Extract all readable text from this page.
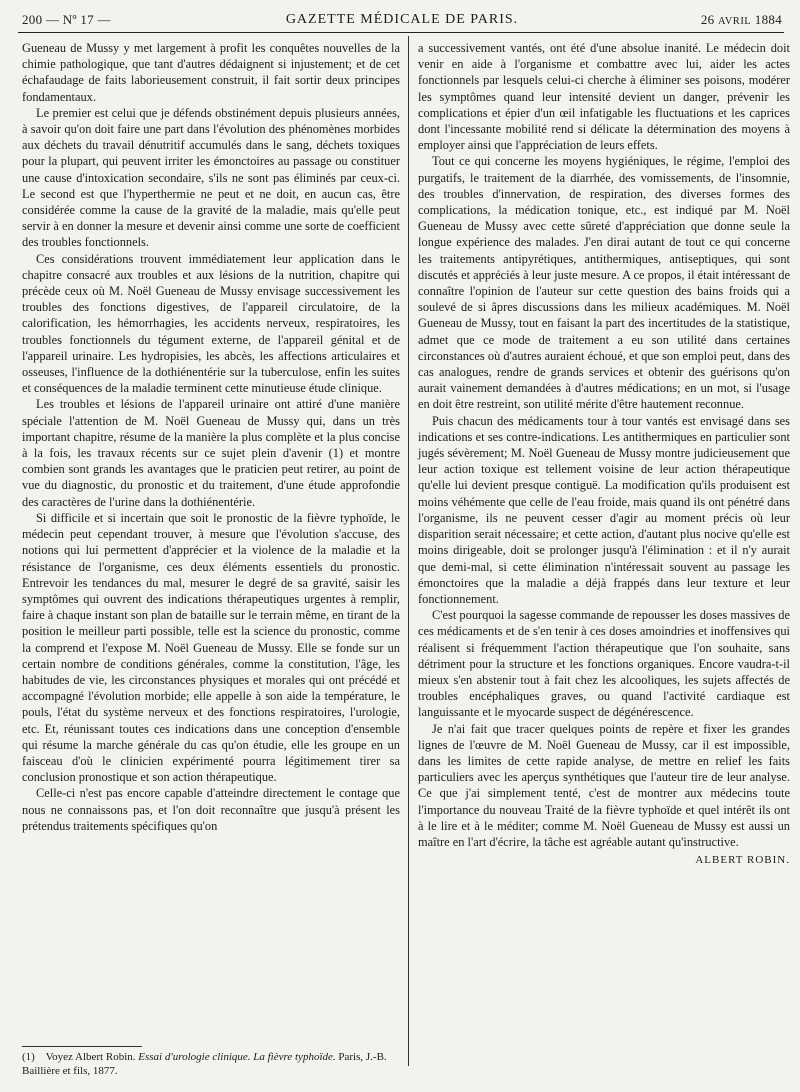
200 — Nº 17 —	GAZETTE MÉDICALE DE PARIS.	26 AVRIL 1884

Gueneau de Mussy y met largement à profit les conquêtes nouvelles de la chimie pathologique, que tant d'autres dédaignent si injustement; et de cet échafaudage de faits laborieusement construit, il fait sortir deux principes fondamentaux.

Le premier est celui que je défends obstinément depuis plusieurs années, à savoir qu'on doit faire une part dans l'évolution des phénomènes morbides aux déchets du travail dénutritif accumulés dans le sang, déchets toxiques pour la plupart, qui peuvent irriter les émonctoires au passage ou constituer une cause d'intoxication secondaire, s'ils ne sont pas éliminés par ceux-ci. Le second est que l'hyperthermie ne peut et ne doit, en aucun cas, être considérée comme la cause de la gravité de la maladie, mais qu'elle peut servir à en donner la mesure et devenir ainsi comme une sorte de coefficient des troubles fonctionnels.

Ces considérations trouvent immédiatement leur application dans le chapitre consacré aux troubles et aux lésions de la nutrition, chapitre qui précède ceux où M. Noël Gueneau de Mussy envisage successivement les troubles des fonctions digestives, de l'appareil circulatoire, de la calorification, les hémorrhagies, les accidents nerveux, respiratoires, les troubles fonctionnels du tégument externe, de l'appareil génital et de l'appareil urinaire. Les hydropisies, les abcès, les affections articulaires et osseuses, l'influence de la dothiénentérie sur la tuberculose, enfin les suites et conséquences de la maladie terminent cette minutieuse étude clinique.

Les troubles et lésions de l'appareil urinaire ont attiré d'une manière spéciale l'attention de M. Noël Gueneau de Mussy qui, dans un très important chapitre, résume de la manière la plus complète et la plus concise à la fois, les travaux récents sur ce sujet plein d'avenir (1) et montre combien sont grands les avantages que le praticien peut retirer, au point de vue du diagnostic, du pronostic et du traitement, d'une étude approfondie des caractères de l'urine dans la dothiénentérie.

Si difficile et si incertain que soit le pronostic de la fièvre typhoïde, le médecin peut cependant trouver, à mesure que l'évolution s'accuse, des notions qui lui permettent d'apprécier et la violence de la maladie et la résistance de l'organisme, ces deux éléments essentiels du pronostic. Entrevoir les tendances du mal, mesurer le degré de sa gravité, saisir les symptômes qui ouvrent des indications thérapeutiques urgentes à remplir, faire à chaque instant son plan de bataille sur le terrain même, en tirant de la position le meilleur parti possible, telle est la science du pronostic, comme la comprend et l'expose M. Noël Gueneau de Mussy. Elle se fonde sur un certain nombre de conditions générales, comme la constitution, l'âge, les habitudes de vie, les circonstances physiques et morales qui ont précédé et accompagné l'évolution morbide; elle appelle à son aide la température, le pouls, l'état du système nerveux et des fonctions respiratoires, l'urologie, etc. Et, réunissant toutes ces indications dans une conception d'ensemble qui résume la marche générale du cas qu'on étudie, elle les groupe en un faisceau d'où le clinicien expérimenté pourra légitimement tirer sa conclusion pronostique et son action thérapeutique.

Celle-ci n'est pas encore capable d'atteindre directement le contage que nous ne connaissons pas, et l'on doit reconnaître que jusqu'à présent les prétendus traitements spécifiques qu'on

a successivement vantés, ont été d'une absolue inanité. Le médecin doit venir en aide à l'organisme et combattre avec lui, aider les actes fonctionnels par lesquels celui-ci cherche à éliminer ses poisons, modérer les symptômes quand leur intensité devient un danger, prévenir les complications et épier d'un œil infatigable les fluctuations et les caprices dont l'incessante mobilité rend si délicate la détermination des moyens à employer ainsi que l'appréciation de leurs effets.

Tout ce qui concerne les moyens hygiéniques, le régime, l'emploi des purgatifs, le traitement de la diarrhée, des vomissements, de l'insomnie, des troubles d'innervation, de respiration, des diverses formes des complications, la médication tonique, etc., est indiqué par M. Noël Gueneau de Mussy avec cette sûreté d'appréciation que donne seule la longue expérience des malades. J'en dirai autant de tout ce qui concerne les traitements antipyrétiques, antithermiques, antiseptiques, qui sont discutés et appréciés à leur juste mesure. A ce propos, il était intéressant de connaître l'opinion de l'auteur sur cette question des bains froids qui a soulevé de si âpres discussions dans les milieux académiques. M. Noël Gueneau de Mussy, tout en faisant la part des incertitudes de la statistique, admet que ce mode de traitement a eu son utilité dans certaines circonstances où d'autres auraient échoué, et que son emploi peut, dans des cas analogues, rendre de grands services et obtenir des guérisons qu'on aurait vainement demandées à d'autres médications; en un mot, si l'usage en doit être restreint, son utilité mérite d'être hautement reconnue.

Puis chacun des médicaments tour à tour vantés est envisagé dans ses indications et ses contre-indications. Les antithermiques en particulier sont jugés sévèrement; M. Noël Gueneau de Mussy montre judicieusement que leur action toxique est tellement voisine de leur action thérapeutique qu'elle lui devient presque contiguë. La modification qu'ils produisent est moins véhémente que celle de l'eau froide, mais quand ils ont pénétré dans l'organisme, ils ne peuvent cesser d'agir au moment précis où leur disparition serait nécessaire; et cette action, d'autant plus nocive qu'elle est moins dirigeable, doit se prolonger jusqu'à l'élimination : et il n'y aurait que demi-mal, si cette élimination n'intéressait souvent au passage les émonctoires que la maladie a déjà frappés dans leur texture et leur fonctionnement.

C'est pourquoi la sagesse commande de repousser les doses massives de ces médicaments et de s'en tenir à ces doses amoindries et inoffensives qui réalisent si fréquemment l'action thérapeutique que l'on souhaite, sans détriment pour la structure et les fonctions organiques. Encore vaudra-t-il mieux s'en abstenir tout à fait chez les alcooliques, les sujets affectés de troubles encéphaliques graves, ou quand l'activité cardiaque est languissante et le myocarde suspect de dégénérescence.

Je n'ai fait que tracer quelques points de repère et fixer les grandes lignes de l'œuvre de M. Noël Gueneau de Mussy, car il est impossible, dans les limites de cette rapide analyse, de mettre en relief les faits particuliers avec les aperçus synthétiques que l'auteur tire de leur analyse. Ce que j'ai simplement tenté, c'est de montrer aux médecins toute l'importance du nouveau Traité de la fièvre typhoïde et quel intérêt ils ont à le lire et à le méditer; comme M. Noël Gueneau de Mussy est aussi un maître en l'art d'écrire, la tâche est agréable autant qu'instructive.

ALBERT ROBIN.
(1) Voyez Albert Robin. Essai d'urologie clinique. La fièvre typhoïde. Paris, J.-B. Baillière et fils, 1877.
